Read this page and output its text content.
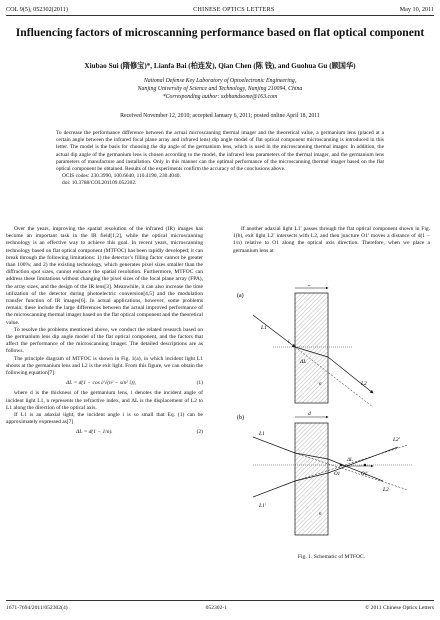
COL 9(5), 052302(2011)	CHINESE OPTICS LETTERS	May 10, 2011
Influencing factors of microscanning performance based on flat optical component
Xiubao Sui (隋修宝)*, Lianfa Bai (柏连发), Qian Chen (陈 钱), and Guohua Gu (顾国华)
National Defense Key Laboratory of Optoelectronic Engineering,
Nanjing University of Science and Technology, Nanjing 210094, China
*Corresponding author: sxbhandsome@163.com
Received November 12, 2010; accepted January 6, 2011; posted online April 18, 2011
To decrease the performance difference between the actual microscanning thermal imager and the theoretical value, a germanium lens (placed at a certain angle between the infrared focal plane array and infrared lens) dip angle model of flat optical component microscanning is introduced in this letter. The model is the basis for choosing the dip angle of the germanium lens, which is used in the microscanning thermal imager. In addition, the actual dip angle of the germanium lens is chosen according to the model, the infrared lens parameters of the thermal imager, and the germanium lens parameters of manufacture and installation. Only in this manner can the optimal performance of the microscanning thermal imager based on the flat optical component be obtained. Results of the experiments confirm the accuracy of the conclusions above.
OCIS codes: 230.3990, 100.6640, 110.4190, 230.4040.
doi: 10.3788/COL201109.052302.

Over the years, improving the spatial resolution of the infrared (IR) images has become an important task in the IR field[1,2], while the optical microscanning technology is an effective way to achieve this goal. In recent years, microscanning technology based on flat optical component (MTFOC) has been rapidly developed; it can break through the following limitations: 1) the detector’s filling factor cannot be greater than 100%; and 2) the existing technology, which generates pixel sizes smaller than the diffraction spot sizes, cannot enhance the spatial resolution. Furthermore, MTFOC can address these limitations without changing the pixel sizes of the focal plane array (FPA), the array sizes, and the design of the IR lens[3]. Meanwhile, it can also increase the time utilization of the detector during photoelectric conversion[4,5] and the modulation transfer function of IR images[6]. In actual applications, however, some problems remain; these include the large differences between the actual improved performance of the microscanning thermal imager based on the flat optical component and the theoretical value.

To resolve the problems mentioned above, we conduct the related research based on the germanium lens dip angle model of the flat optical component, and the factors that affect the performance of the microscanning imager. The detailed descriptions are as follows.

The principle diagram of MTFOC is shown in Fig. 1(a), in which incident light L1 shoots at the germanium lens and L2 is the exit light. From this figure, we can obtain the following equation[7]:

ΔL = d(1 − cos i/√(n² − sin² i)),	(1)

where d is the thickness of the germanium lens, i denotes the incident angle of incident light L1, n represents the refractive index, and ΔL is the displacement of L2 to L1 along the direction of the optical axis.

If L1 is an adaxial light, the incident angle i is so small that Eq. (1) can be approximately expressed as[7]

ΔL = d(1 − 1/n).	(2)

If another adaxial light L1′ passes through the flat optical component shown in Fig. 1(b), exit light L2′ intersects with L2, and then juncture O1′ moves a distance of d(1 − 1/n) relative to O1 along the optical axis direction. Therefore, when we place a germanium lens at

(a)
d
L1
L2
ΔL
i
n
(b)
d
L1
L1′
L2
L2′
O1	O1′
ΔL
n
Fig. 1. Schematic of MTFOC.
1671-7694/2011/052302(4)	052302-1	© 2011 Chinese Optics Letters
